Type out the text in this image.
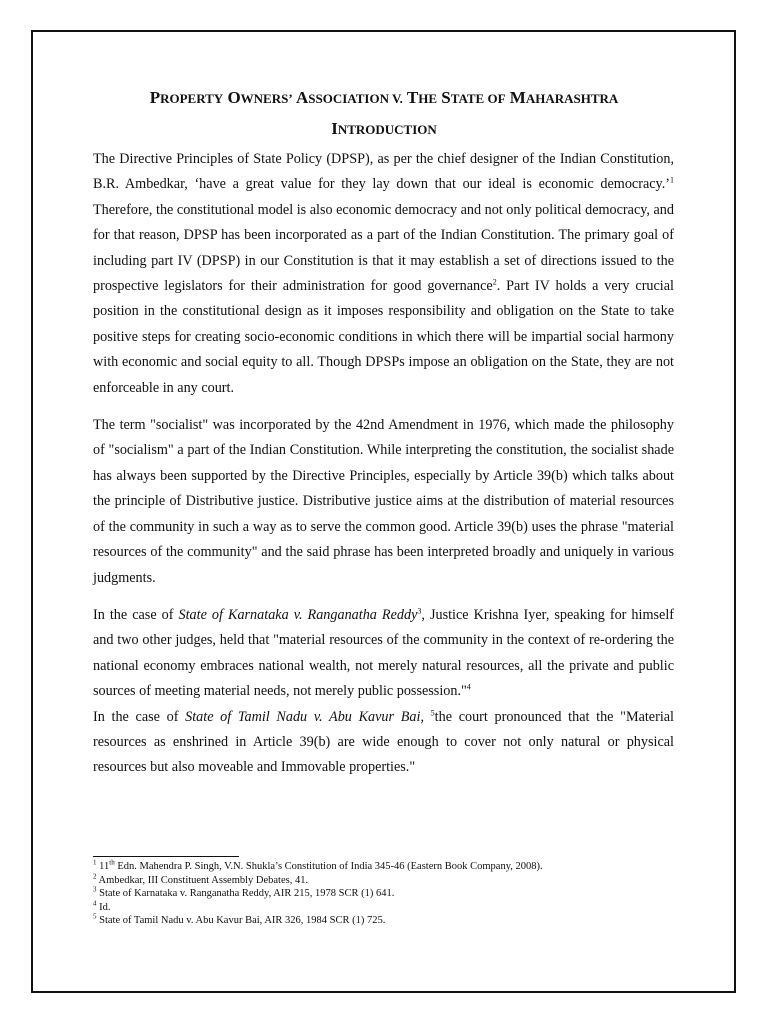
PROPERTY OWNERS’ ASSOCIATION V. THE STATE OF MAHARASHTRA
INTRODUCTION

The Directive Principles of State Policy (DPSP), as per the chief designer of the Indian Constitution, B.R. Ambedkar, ‘have a great value for they lay down that our ideal is economic democracy.’$^1$ Therefore, the constitutional model is also economic democracy and not only political democracy, and for that reason, DPSP has been incorporated as a part of the Indian Constitution. The primary goal of including part IV (DPSP) in our Constitution is that it may establish a set of directions issued to the prospective legislators for their administration for good governance$^2$. Part IV holds a very crucial position in the constitutional design as it imposes responsibility and obligation on the State to take positive steps for creating socio-economic conditions in which there will be impartial social harmony with economic and social equity to all. Though DPSPs impose an obligation on the State, they are not enforceable in any court.

The term "socialist" was incorporated by the 42nd Amendment in 1976, which made the philosophy of "socialism" a part of the Indian Constitution. While interpreting the constitution, the socialist shade has always been supported by the Directive Principles, especially by Article 39(b) which talks about the principle of Distributive justice. Distributive justice aims at the distribution of material resources of the community in such a way as to serve the common good. Article 39(b) uses the phrase "material resources of the community" and the said phrase has been interpreted broadly and uniquely in various judgments.

In the case of State of Karnataka v. Ranganatha Reddy$^3$, Justice Krishna Iyer, speaking for himself and two other judges, held that "material resources of the community in the context of re-ordering the national economy embraces national wealth, not merely natural resources, all the private and public sources of meeting material needs, not merely public possession."$^4$

In the case of State of Tamil Nadu v. Abu Kavur Bai, $^5$the court pronounced that the "Material resources as enshrined in Article 39(b) are wide enough to cover not only natural or physical resources but also moveable and Immovable properties."

$^1$ 11th Edn. Mahendra P. Singh, V.N. Shukla’s Constitution of India 345-46 (Eastern Book Company, 2008).
$^2$ Ambedkar, III Constituent Assembly Debates, 41.
$^3$ State of Karnataka v. Ranganatha Reddy, AIR 215, 1978 SCR (1) 641.
$^4$ Id.
$^5$ State of Tamil Nadu v. Abu Kavur Bai, AIR 326, 1984 SCR (1) 725.
